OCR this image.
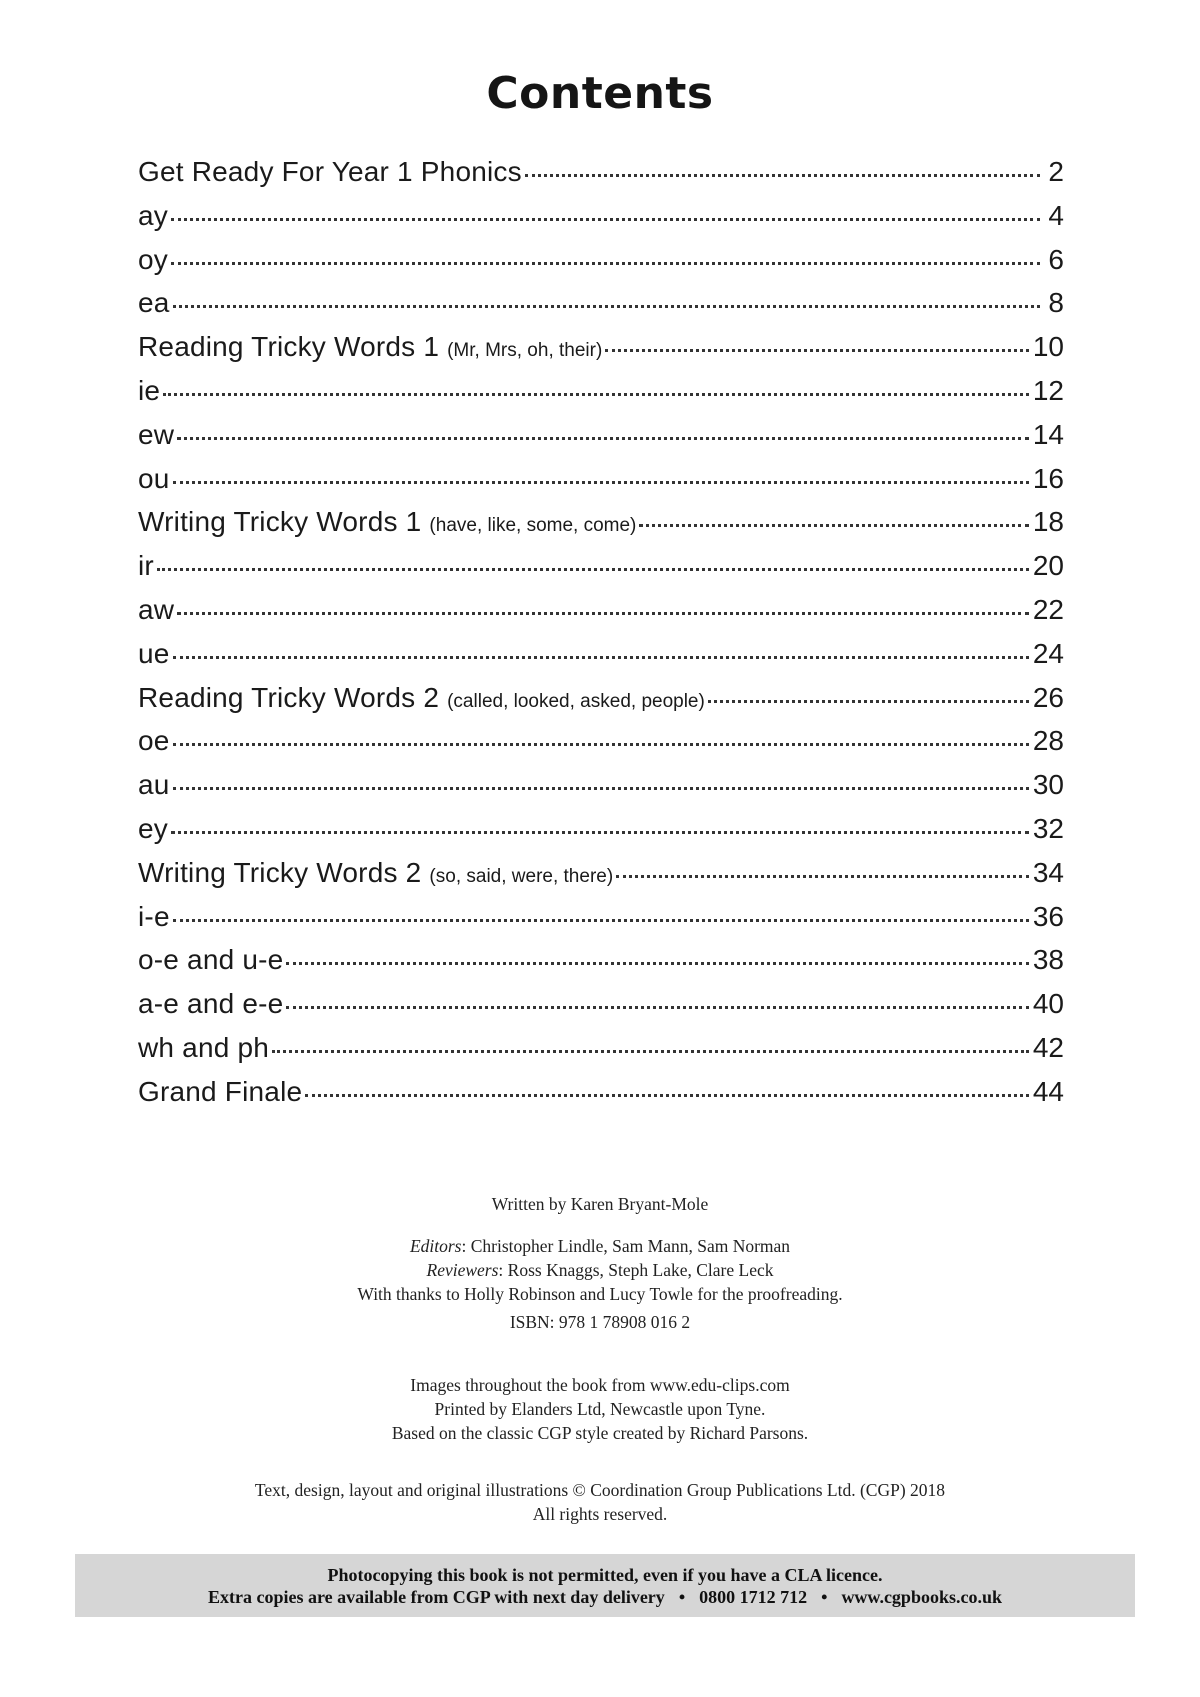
Contents
Get Ready For Year 1 Phonics	2
ay	4
oy	6
ea	8
Reading Tricky Words 1 (Mr, Mrs, oh, their)	10
ie	12
ew	14
ou	16
Writing Tricky Words 1 (have, like, some, come)	18
ir	20
aw	22
ue	24
Reading Tricky Words 2 (called, looked, asked, people)	26
oe	28
au	30
ey	32
Writing Tricky Words 2 (so, said, were, there)	34
i-e	36
o-e and u-e	38
a-e and e-e	40
wh and ph	42
Grand Finale	44
Written by Karen Bryant-Mole
Editors: Christopher Lindle, Sam Mann, Sam Norman
Reviewers: Ross Knaggs, Steph Lake, Clare Leck
With thanks to Holly Robinson and Lucy Towle for the proofreading.
ISBN: 978 1 78908 016 2
Images throughout the book from www.edu-clips.com
Printed by Elanders Ltd, Newcastle upon Tyne.
Based on the classic CGP style created by Richard Parsons.
Text, design, layout and original illustrations © Coordination Group Publications Ltd. (CGP) 2018
All rights reserved.
Photocopying this book is not permitted, even if you have a CLA licence.
Extra copies are available from CGP with next day delivery • 0800 1712 712 • www.cgpbooks.co.uk
